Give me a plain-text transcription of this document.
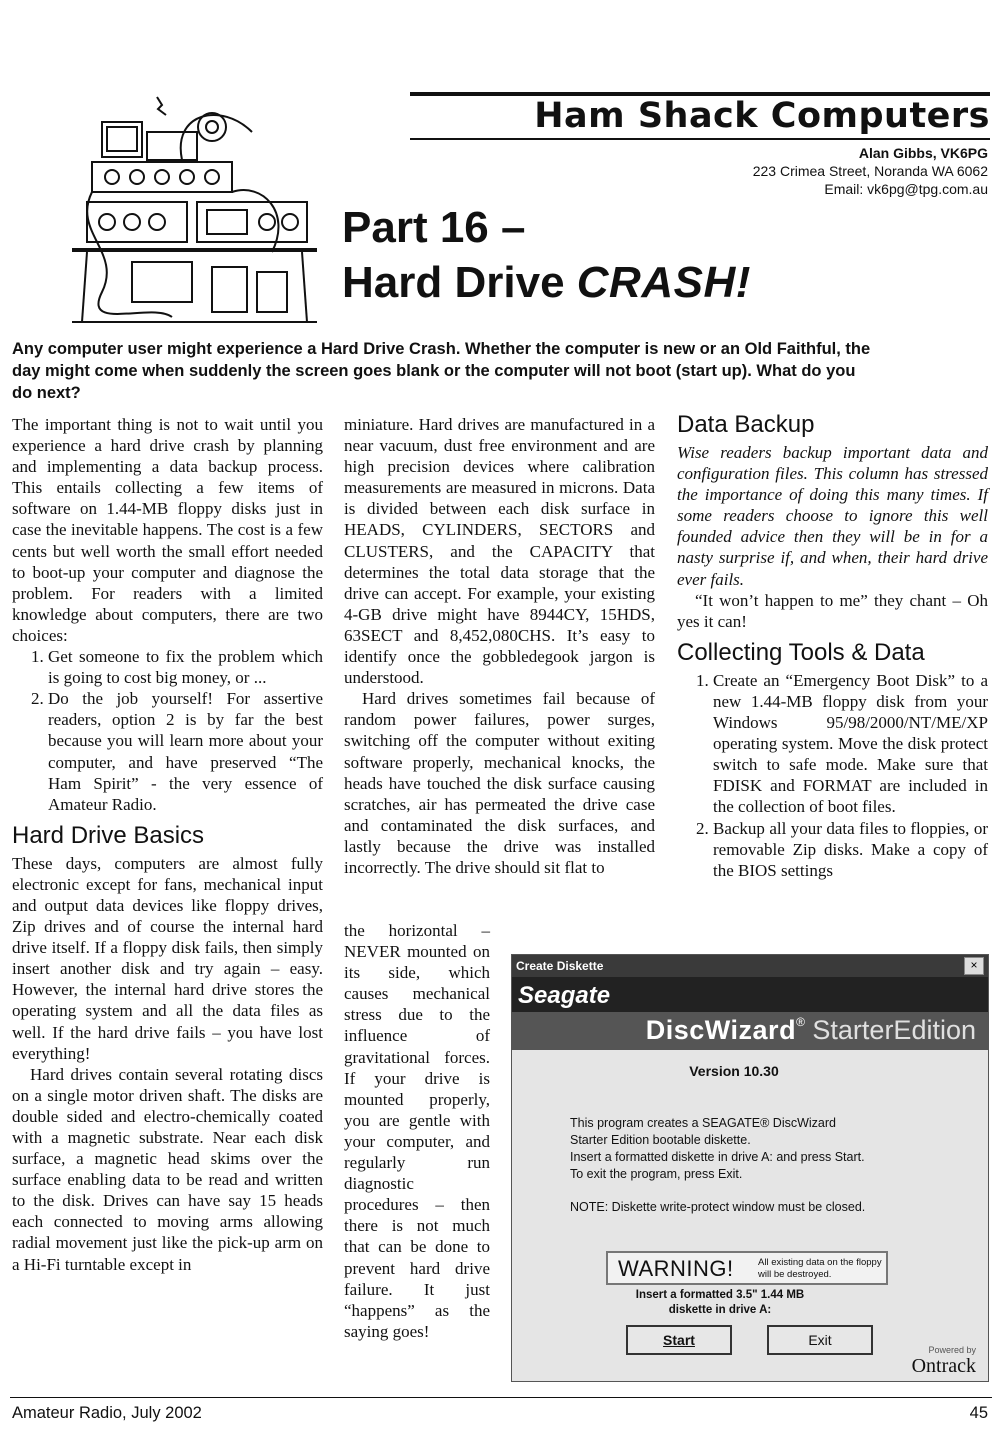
Ham Shack Computers
Alan Gibbs, VK6PG
223 Crimea Street, Noranda WA 6062
Email: vk6pg@tpg.com.au
Part 16 –
Hard Drive CRASH!
Any computer user might experience a Hard Drive Crash. Whether the computer is new or an Old Faithful, the day might come when suddenly the screen goes blank or the computer will not boot (start up). What do you do next?

The important thing is not to wait until you experience a hard drive crash by planning and implementing a data backup process. This entails collecting a few items of software on 1.44-MB floppy disks just in case the inevitable happens. The cost is a few cents but well worth the small effort needed to boot-up your computer and diagnose the problem. For readers with a limited knowledge about computers, there are two choices:

1. Get someone to fix the problem which is going to cost big money, or ...
2. Do the job yourself! For assertive readers, option 2 is by far the best because you will learn more about your computer, and have preserved “The Ham Spirit” - the very essence of Amateur Radio.
Hard Drive Basics

These days, computers are almost fully electronic except for fans, mechanical input and output data devices like floppy drives, Zip drives and of course the internal hard drive itself. If a floppy disk fails, then simply insert another disk and try again – easy. However, the internal hard drive stores the operating system and all the data files as well. If the hard drive fails – you have lost everything!

Hard drives contain several rotating discs on a single motor driven shaft. The disks are double sided and electro-chemically coated with a magnetic substrate. Near each disk surface, a magnetic head skims over the surface enabling data to be read and written to the disk. Drives can have say 15 heads each connected to moving arms allowing radial movement just like the pick-up arm on a Hi-Fi turntable except in

miniature. Hard drives are manufactured in a near vacuum, dust free environment and are high precision devices where calibration measurements are measured in microns. Data is divided between each disk surface in HEADS, CYLINDERS, SECTORS and CLUSTERS, and the CAPACITY that determines the total data storage that the drive can accept. For example, your existing 4-GB drive might have 8944CY, 15HDS, 63SECT and 8,452,080CHS. It’s easy to identify once the gobbledegook jargon is understood.

Hard drives sometimes fail because of random power failures, power surges, switching off the computer without exiting software properly, mechanical knocks, the heads have touched the disk surface causing scratches, air has permeated the drive case and contaminated the disk surfaces, and lastly because the drive was installed incorrectly. The drive should sit flat to

the horizontal – NEVER mounted on its side, which causes mechanical stress due to the influence of gravitational forces. If your drive is mounted properly, you are gentle with your computer, and regularly run diagnostic procedures – then there is not much that can be done to prevent hard drive failure. It just “happens” as the saying goes!

Data Backup

Wise readers backup important data and configuration files. This column has stressed the importance of doing this many times. If some readers choose to ignore this well founded advice then they will be in for a nasty surprise if, and when, their hard drive ever fails.

“It won’t happen to me” they chant – Oh yes it can!

Collecting Tools & Data
1. Create an “Emergency Boot Disk” to a new 1.44-MB floppy disk from your Windows 95/98/2000/NT/ME/XP operating system. Move the disk protect switch to safe mode. Make sure that FDISK and FORMAT are included in the collection of boot files.
2. Backup all your data files to floppies, or removable Zip disks. Make a copy of the BIOS settings
Create Diskette	×
Seagate
DiscWizard® StarterEdition
Version 10.30
This program creates a SEAGATE® DiscWizard
Starter Edition bootable diskette.
Insert a formatted diskette in drive A: and press Start.
To exit the program, press Exit.
NOTE: Diskette write-protect window must be closed.
WARNING!	All existing data on the floppy will be destroyed.
Insert a formatted 3.5" 1.44 MB
diskette in drive A:
Start	Exit
Powered by
Ontrack
Amateur Radio, July 2002	45
